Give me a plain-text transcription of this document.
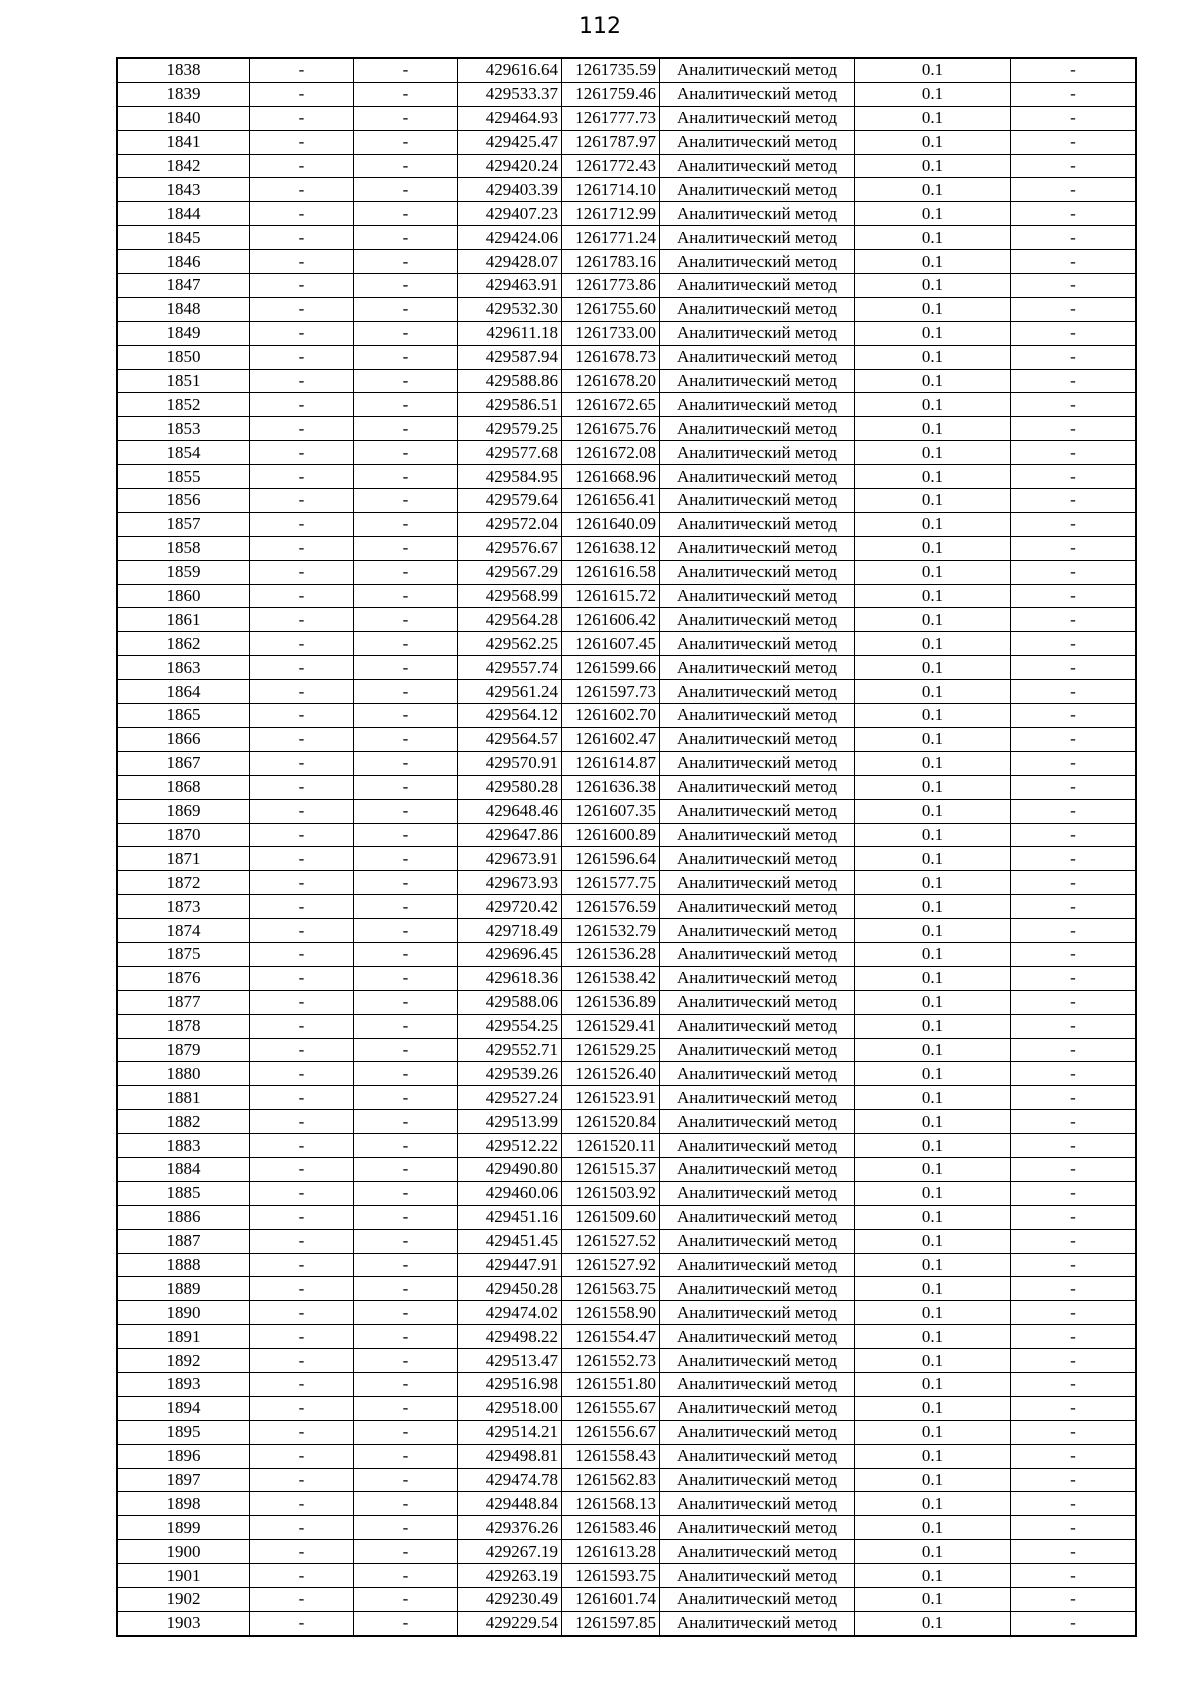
112
1838	-	-	429616.64	1261735.59	Аналитический метод	0.1	-
1839	-	-	429533.37	1261759.46	Аналитический метод	0.1	-
1840	-	-	429464.93	1261777.73	Аналитический метод	0.1	-
1841	-	-	429425.47	1261787.97	Аналитический метод	0.1	-
1842	-	-	429420.24	1261772.43	Аналитический метод	0.1	-
1843	-	-	429403.39	1261714.10	Аналитический метод	0.1	-
1844	-	-	429407.23	1261712.99	Аналитический метод	0.1	-
1845	-	-	429424.06	1261771.24	Аналитический метод	0.1	-
1846	-	-	429428.07	1261783.16	Аналитический метод	0.1	-
1847	-	-	429463.91	1261773.86	Аналитический метод	0.1	-
1848	-	-	429532.30	1261755.60	Аналитический метод	0.1	-
1849	-	-	429611.18	1261733.00	Аналитический метод	0.1	-
1850	-	-	429587.94	1261678.73	Аналитический метод	0.1	-
1851	-	-	429588.86	1261678.20	Аналитический метод	0.1	-
1852	-	-	429586.51	1261672.65	Аналитический метод	0.1	-
1853	-	-	429579.25	1261675.76	Аналитический метод	0.1	-
1854	-	-	429577.68	1261672.08	Аналитический метод	0.1	-
1855	-	-	429584.95	1261668.96	Аналитический метод	0.1	-
1856	-	-	429579.64	1261656.41	Аналитический метод	0.1	-
1857	-	-	429572.04	1261640.09	Аналитический метод	0.1	-
1858	-	-	429576.67	1261638.12	Аналитический метод	0.1	-
1859	-	-	429567.29	1261616.58	Аналитический метод	0.1	-
1860	-	-	429568.99	1261615.72	Аналитический метод	0.1	-
1861	-	-	429564.28	1261606.42	Аналитический метод	0.1	-
1862	-	-	429562.25	1261607.45	Аналитический метод	0.1	-
1863	-	-	429557.74	1261599.66	Аналитический метод	0.1	-
1864	-	-	429561.24	1261597.73	Аналитический метод	0.1	-
1865	-	-	429564.12	1261602.70	Аналитический метод	0.1	-
1866	-	-	429564.57	1261602.47	Аналитический метод	0.1	-
1867	-	-	429570.91	1261614.87	Аналитический метод	0.1	-
1868	-	-	429580.28	1261636.38	Аналитический метод	0.1	-
1869	-	-	429648.46	1261607.35	Аналитический метод	0.1	-
1870	-	-	429647.86	1261600.89	Аналитический метод	0.1	-
1871	-	-	429673.91	1261596.64	Аналитический метод	0.1	-
1872	-	-	429673.93	1261577.75	Аналитический метод	0.1	-
1873	-	-	429720.42	1261576.59	Аналитический метод	0.1	-
1874	-	-	429718.49	1261532.79	Аналитический метод	0.1	-
1875	-	-	429696.45	1261536.28	Аналитический метод	0.1	-
1876	-	-	429618.36	1261538.42	Аналитический метод	0.1	-
1877	-	-	429588.06	1261536.89	Аналитический метод	0.1	-
1878	-	-	429554.25	1261529.41	Аналитический метод	0.1	-
1879	-	-	429552.71	1261529.25	Аналитический метод	0.1	-
1880	-	-	429539.26	1261526.40	Аналитический метод	0.1	-
1881	-	-	429527.24	1261523.91	Аналитический метод	0.1	-
1882	-	-	429513.99	1261520.84	Аналитический метод	0.1	-
1883	-	-	429512.22	1261520.11	Аналитический метод	0.1	-
1884	-	-	429490.80	1261515.37	Аналитический метод	0.1	-
1885	-	-	429460.06	1261503.92	Аналитический метод	0.1	-
1886	-	-	429451.16	1261509.60	Аналитический метод	0.1	-
1887	-	-	429451.45	1261527.52	Аналитический метод	0.1	-
1888	-	-	429447.91	1261527.92	Аналитический метод	0.1	-
1889	-	-	429450.28	1261563.75	Аналитический метод	0.1	-
1890	-	-	429474.02	1261558.90	Аналитический метод	0.1	-
1891	-	-	429498.22	1261554.47	Аналитический метод	0.1	-
1892	-	-	429513.47	1261552.73	Аналитический метод	0.1	-
1893	-	-	429516.98	1261551.80	Аналитический метод	0.1	-
1894	-	-	429518.00	1261555.67	Аналитический метод	0.1	-
1895	-	-	429514.21	1261556.67	Аналитический метод	0.1	-
1896	-	-	429498.81	1261558.43	Аналитический метод	0.1	-
1897	-	-	429474.78	1261562.83	Аналитический метод	0.1	-
1898	-	-	429448.84	1261568.13	Аналитический метод	0.1	-
1899	-	-	429376.26	1261583.46	Аналитический метод	0.1	-
1900	-	-	429267.19	1261613.28	Аналитический метод	0.1	-
1901	-	-	429263.19	1261593.75	Аналитический метод	0.1	-
1902	-	-	429230.49	1261601.74	Аналитический метод	0.1	-
1903	-	-	429229.54	1261597.85	Аналитический метод	0.1	-
